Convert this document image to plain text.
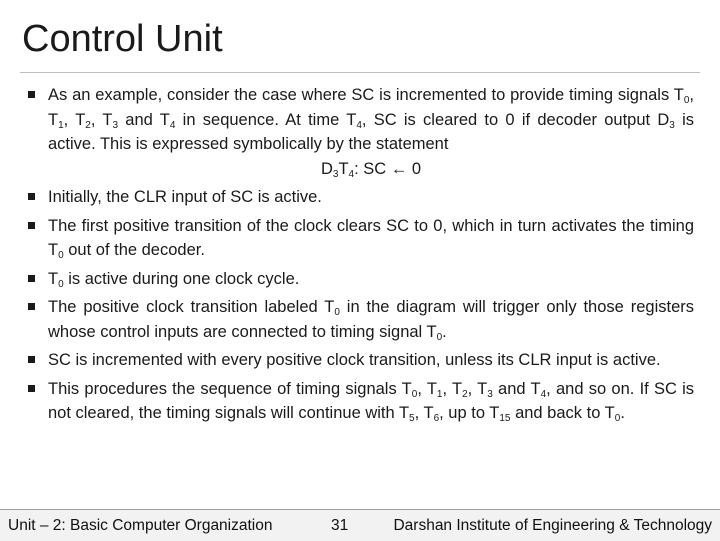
Control Unit
As an example, consider the case where SC is incremented to provide timing signals $T_0$, $T_1$, $T_2$, $T_3$ and $T_4$ in sequence. At time $T_4$, SC is cleared to 0 if decoder output $D_3$ is active. This is expressed symbolically by the statement
$D_3T_4$: SC ← 0
Initially, the CLR input of SC is active.
The first positive transition of the clock clears SC to 0, which in turn activates the timing $T_0$ out of the decoder.
$T_0$ is active during one clock cycle.
The positive clock transition labeled $T_0$ in the diagram will trigger only those registers whose control inputs are connected to timing signal $T_0$.
SC is incremented with every positive clock transition, unless its CLR input is active.
This procedures the sequence of timing signals $T_0$, $T_1$, $T_2$, $T_3$ and $T_4$, and so on. If SC is not cleared, the timing signals will continue with $T_5$, $T_6$, up to $T_{15}$ and back to $T_0$.
Unit – 2: Basic Computer Organization	31	Darshan Institute of Engineering & Technology
